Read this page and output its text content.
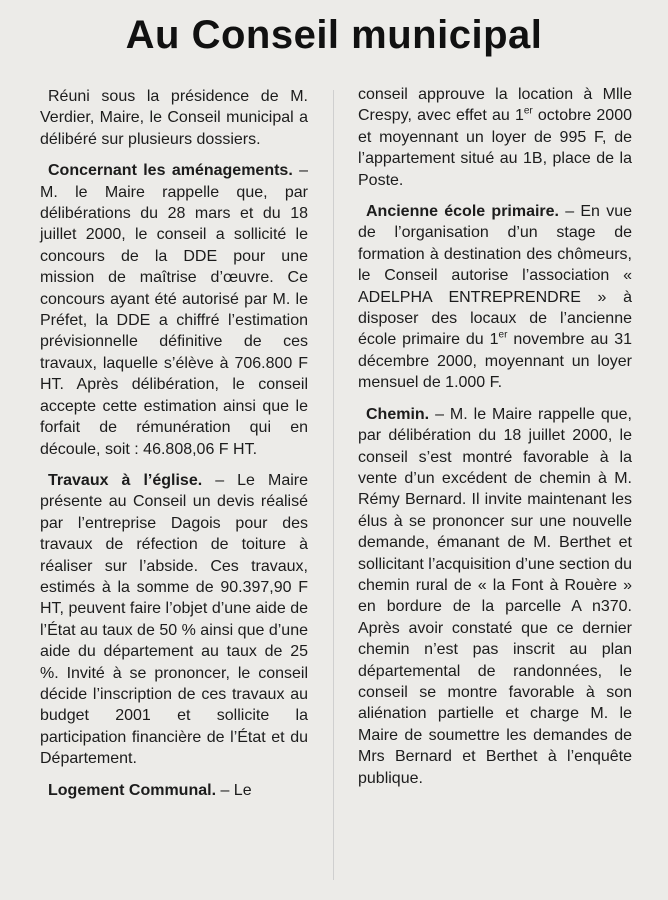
Au Conseil municipal

Réuni sous la présidence de M. Verdier, Maire, le Conseil municipal a délibéré sur plusieurs dossiers.

Concernant les aménagements. – M. le Maire rappelle que, par délibérations du 28 mars et du 18 juillet 2000, le conseil a sollicité le concours de la DDE pour une mission de maîtrise d’œuvre. Ce concours ayant été autorisé par M. le Préfet, la DDE a chiffré l’estimation prévisionnelle définitive de ces travaux, laquelle s’élève à 706.800 F HT. Après délibération, le conseil accepte cette estimation ainsi que le forfait de rémunération qui en découle, soit : 46.808,06 F HT.

Travaux à l’église. – Le Maire présente au Conseil un devis réalisé par l’entreprise Dagois pour des travaux de réfection de toiture à réaliser sur l’abside. Ces travaux, estimés à la somme de 90.397,90 F HT, peuvent faire l’objet d’une aide de l’État au taux de 50 % ainsi que d’une aide du département au taux de 25 %. Invité à se prononcer, le conseil décide l’inscription de ces travaux au budget 2001 et sollicite la participation financière de l’État et du Département.

Logement Communal. – Le

conseil approuve la location à Mlle Crespy, avec effet au 1er octobre 2000 et moyennant un loyer de 995 F, de l’appartement situé au 1B, place de la Poste.

Ancienne école primaire. – En vue de l’organisation d’un stage de formation à destination des chômeurs, le Conseil autorise l’association « ADELPHA ENTREPRENDRE » à disposer des locaux de l’ancienne école primaire du 1er novembre au 31 décembre 2000, moyennant un loyer mensuel de 1.000 F.

Chemin. – M. le Maire rappelle que, par délibération du 18 juillet 2000, le conseil s’est montré favorable à la vente d’un excédent de chemin à M. Rémy Bernard. Il invite maintenant les élus à se prononcer sur une nouvelle demande, émanant de M. Berthet et sollicitant l’acquisition d’une section du chemin rural de « la Font à Rouère » en bordure de la parcelle A n370. Après avoir constaté que ce dernier chemin n’est pas inscrit au plan départemental de randonnées, le conseil se montre favorable à son aliénation partielle et charge M. le Maire de soumettre les demandes de Mrs Bernard et Berthet à l’enquête publique.
